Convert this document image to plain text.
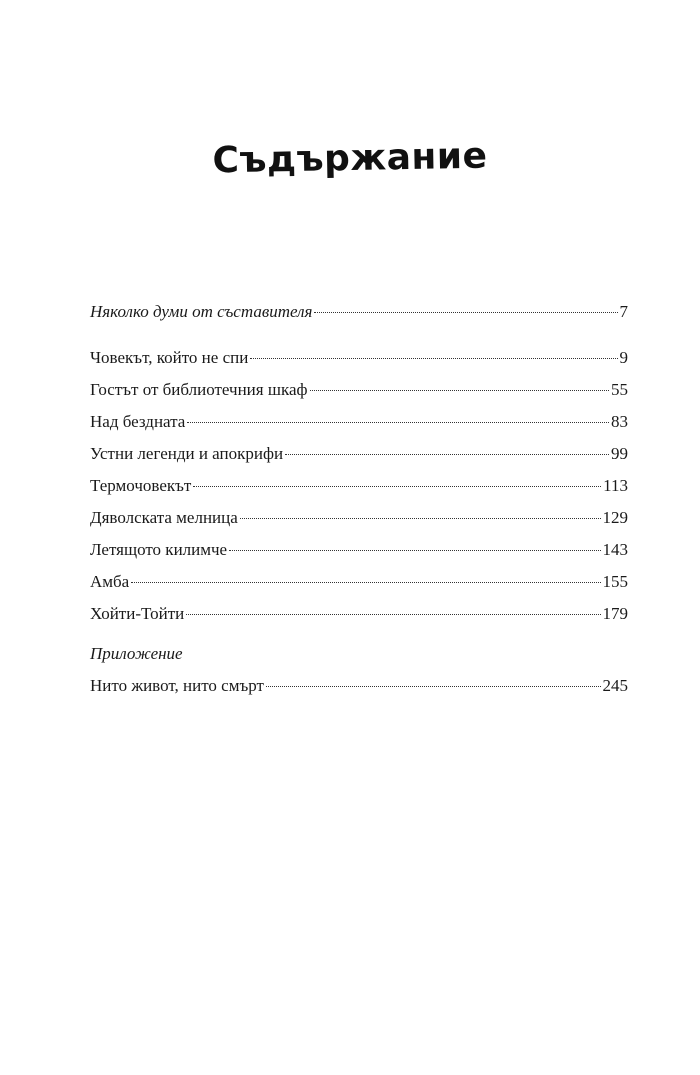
Съдържание
Няколко думи от съставителя	7
Човекът, който не спи	9
Гостът от библиотечния шкаф	55
Над бездната	83
Устни легенди и апокрифи	99
Термочовекът	113
Дяволската мелница	129
Летящото килимче	143
Амба	155
Хойти-Тойти	179
Приложение
Нито живот, нито смърт	245
